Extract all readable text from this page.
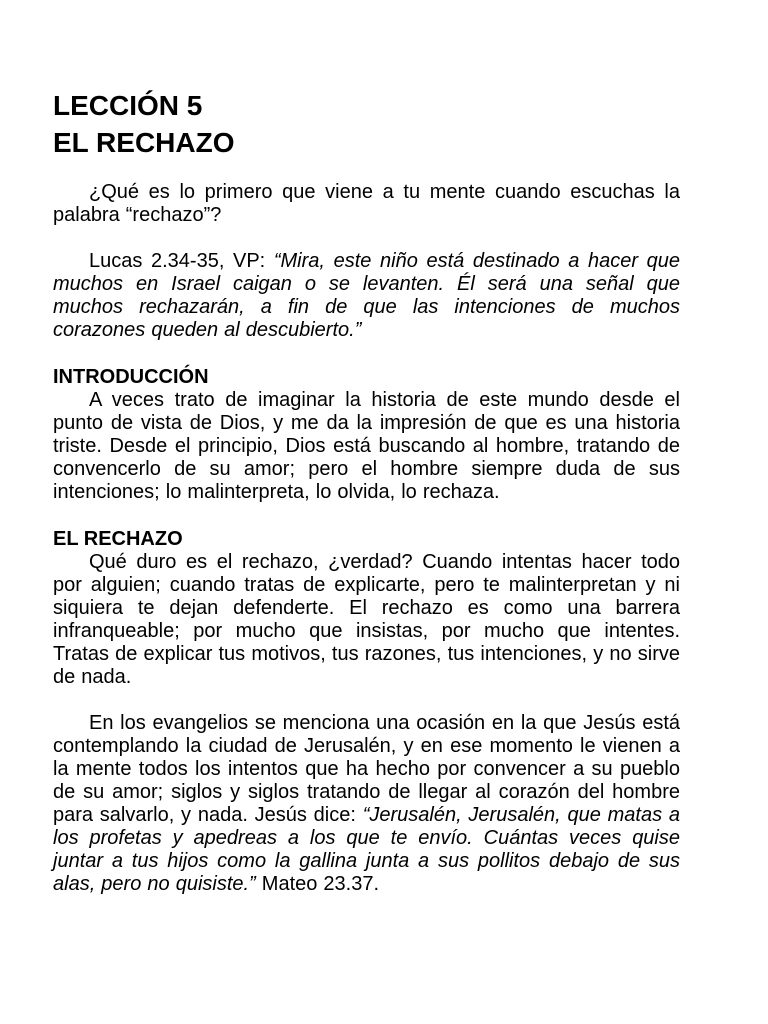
LECCIÓN 5
EL RECHAZO

¿Qué es lo primero que viene a tu mente cuando escuchas la palabra “rechazo”?

Lucas 2.34-35, VP: “Mira, este niño está destinado a hacer que muchos en Israel caigan o se levanten. Él será una señal que muchos rechazarán, a fin de que las intenciones de muchos corazones queden al descubierto.”

INTRODUCCIÓN

A veces trato de imaginar la historia de este mundo desde el punto de vista de Dios, y me da la impresión de que es una historia triste. Desde el principio, Dios está buscando al hombre, tratando de convencerlo de su amor; pero el hombre siempre duda de sus intenciones; lo malinterpreta, lo olvida, lo rechaza.

EL RECHAZO

Qué duro es el rechazo, ¿verdad? Cuando intentas hacer todo por alguien; cuando tratas de explicarte, pero te malinterpretan y ni siquiera te dejan defenderte. El rechazo es como una barrera infranqueable; por mucho que insistas, por mucho que intentes. Tratas de explicar tus motivos, tus razones, tus intenciones, y no sirve de nada.

En los evangelios se menciona una ocasión en la que Jesús está contemplando la ciudad de Jerusalén, y en ese momento le vienen a la mente todos los intentos que ha hecho por convencer a su pueblo de su amor; siglos y siglos tratando de llegar al corazón del hombre para salvarlo, y nada. Jesús dice: “Jerusalén, Jerusalén, que matas a los profetas y apedreas a los que te envío. Cuántas veces quise juntar a tus hijos como la gallina junta a sus pollitos debajo de sus alas, pero no quisiste.” Mateo 23.37.
